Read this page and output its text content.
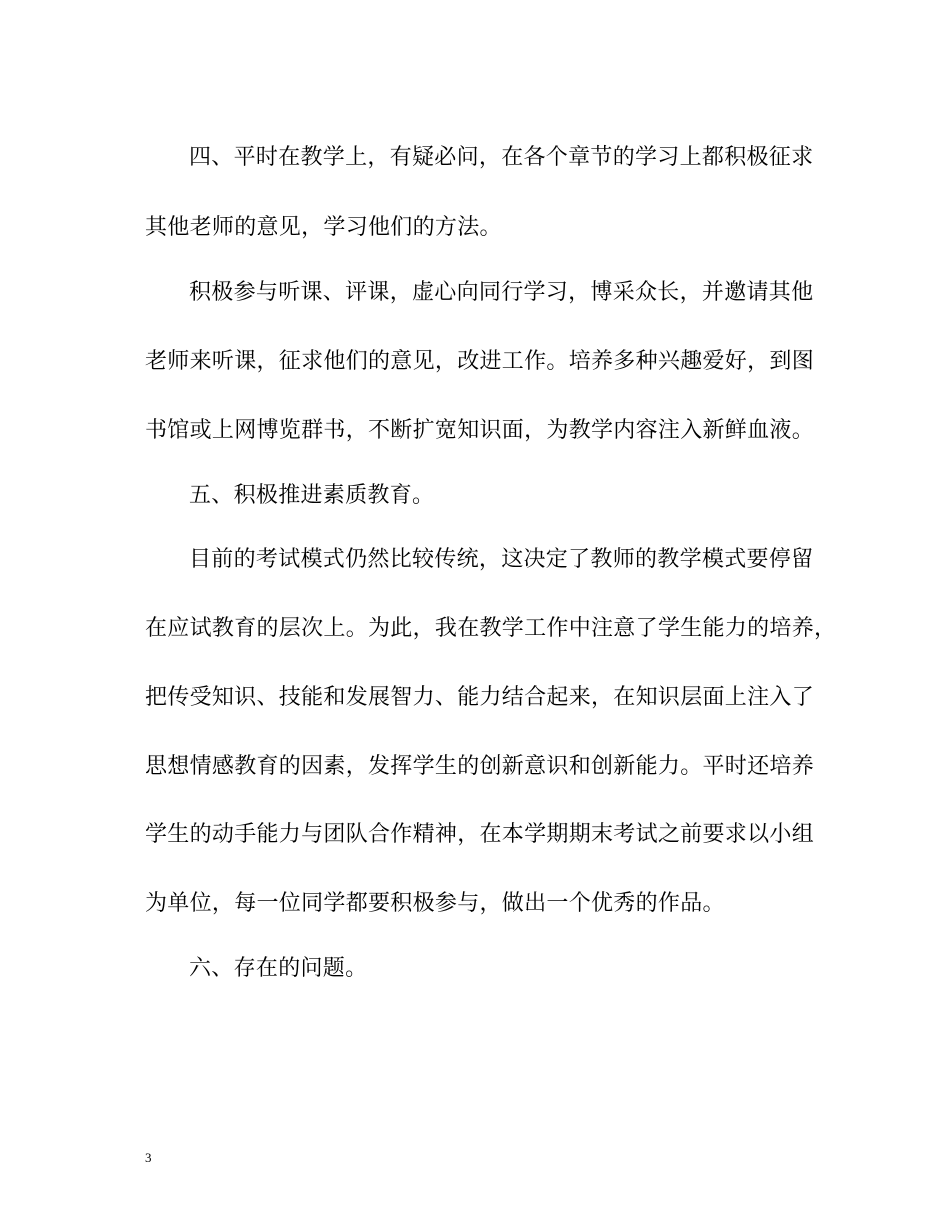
四、平时在教学上，有疑必问，在各个章节的学习上都积极征求
其他老师的意见，学习他们的方法。
积极参与听课、评课，虚心向同行学习，博采众长，并邀请其他
老师来听课，征求他们的意见，改进工作。培养多种兴趣爱好，到图
书馆或上网博览群书，不断扩宽知识面，为教学内容注入新鲜血液。
五、积极推进素质教育。
目前的考试模式仍然比较传统，这决定了教师的教学模式要停留
在应试教育的层次上。为此，我在教学工作中注意了学生能力的培养，
把传受知识、技能和发展智力、能力结合起来，在知识层面上注入了
思想情感教育的因素，发挥学生的创新意识和创新能力。平时还培养
学生的动手能力与团队合作精神，在本学期期末考试之前要求以小组
为单位，每一位同学都要积极参与，做出一个优秀的作品。
六、存在的问题。
3
